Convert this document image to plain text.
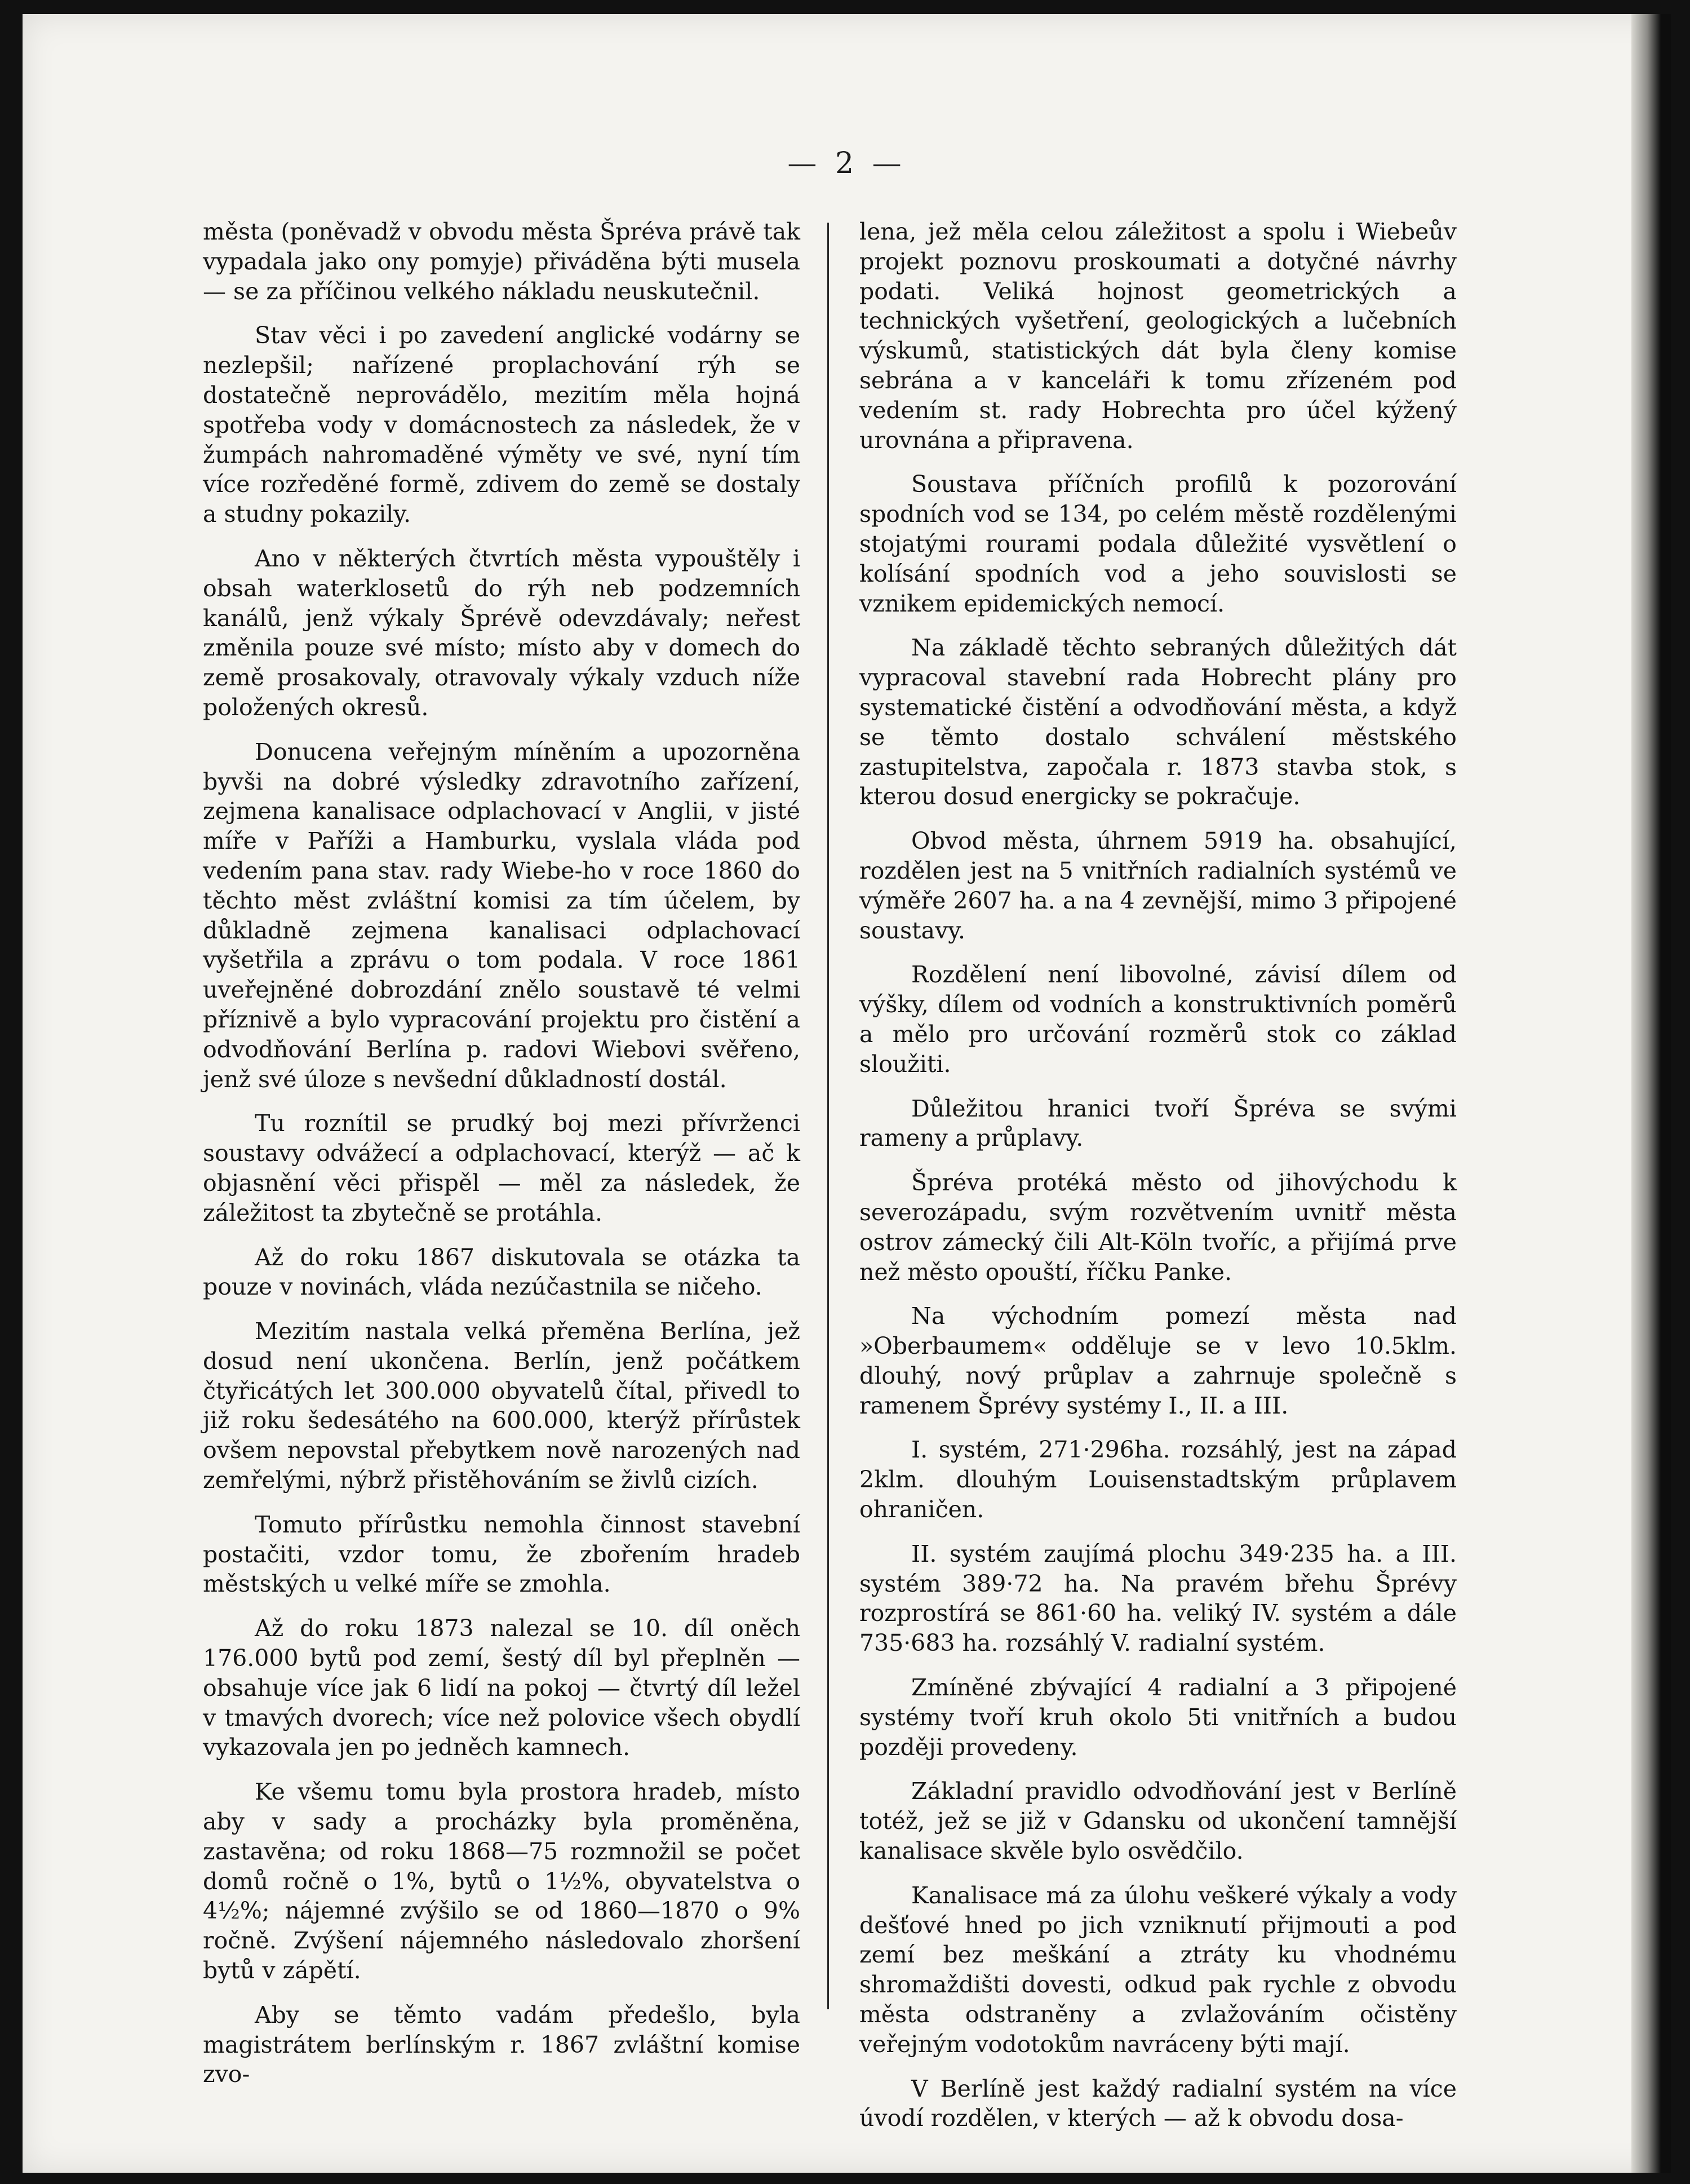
— 2 —

města (poněvadž v obvodu města Špréva právě tak vypadala jako ony pomyje) přiváděna býti musela — se za příčinou velkého nákladu neuskutečnil.

Stav věci i po zavedení anglické vodárny se nezlepšil; nařízené proplachování rýh se dostatečně neprovádělo, mezitím měla hojná spotřeba vody v domácnostech za následek, že v žumpách nahromaděné výměty ve své, nyní tím více rozředěné formě, zdivem do země se dostaly a studny pokazily.

Ano v některých čtvrtích města vypouštěly i obsah waterklosetů do rýh neb podzemních kanálů, jenž výkaly Šprévě odevzdávaly; neřest změnila pouze své místo; místo aby v domech do země prosakovaly, otravovaly výkaly vzduch níže položených okresů.

Donucena veřejným míněním a upozorněna byvši na dobré výsledky zdravotního zařízení, zejmena kanalisace odplachovací v Anglii, v jisté míře v Paříži a Hamburku, vyslala vláda pod vedením pana stav. rady Wiebe-ho v roce 1860 do těchto měst zvláštní komisi za tím účelem, by důkladně zejmena kanalisaci odplachovací vyšetřila a zprávu o tom podala. V roce 1861 uveřejněné dobrozdání znělo soustavě té velmi příznivě a bylo vypracování projektu pro čistění a odvodňování Berlína p. radovi Wiebovi svěřeno, jenž své úloze s nevšední důkladností dostál.

Tu roznítil se prudký boj mezi přívrženci soustavy odvážecí a odplachovací, kterýž — ač k objasnění věci přispěl — měl za následek, že záležitost ta zbytečně se protáhla.

Až do roku 1867 diskutovala se otázka ta pouze v novinách, vláda nezúčastnila se ničeho.

Mezitím nastala velká přeměna Berlína, jež dosud není ukončena. Berlín, jenž počátkem čtyřicátých let 300.000 obyvatelů čítal, přivedl to již roku šedesátého na 600.000, kterýž přírůstek ovšem nepovstal přebytkem nově narozených nad zemřelými, nýbrž přistěhováním se živlů cizích.

Tomuto přírůstku nemohla činnost stavební postačiti, vzdor tomu, že zbořením hradeb městských u velké míře se zmohla.

Až do roku 1873 nalezal se 10. díl oněch 176.000 bytů pod zemí, šestý díl byl přeplněn — obsahuje více jak 6 lidí na pokoj — čtvrtý díl ležel v tmavých dvorech; více než polovice všech obydlí vykazovala jen po jedněch kamnech.

Ke všemu tomu byla prostora hradeb, místo aby v sady a procházky byla proměněna, zastavěna; od roku 1868—75 rozmnožil se počet domů ročně o 1%, bytů o 1½%, obyvatelstva o 4½%; nájemné zvýšilo se od 1860—1870 o 9% ročně. Zvýšení nájemného následovalo zhoršení bytů v zápětí.

Aby se těmto vadám předešlo, byla magistrátem berlínským r. 1867 zvláštní komise zvo-

lena, jež měla celou záležitost a spolu i Wiebeův projekt poznovu proskoumati a dotyčné návrhy podati. Veliká hojnost geometrických a technických vyšetření, geologických a lučebních výskumů, statistických dát byla členy komise sebrána a v kanceláři k tomu zřízeném pod vedením st. rady Hobrechta pro účel kýžený urovnána a připravena.

Soustava příčních profilů k pozorování spodních vod se 134, po celém městě rozdělenými stojatými rourami podala důležité vysvětlení o kolísání spodních vod a jeho souvislosti se vznikem epidemických nemocí.

Na základě těchto sebraných důležitých dát vypracoval stavební rada Hobrecht plány pro systematické čistění a odvodňování města, a když se těmto dostalo schválení městského zastupitelstva, započala r. 1873 stavba stok, s kterou dosud energicky se pokračuje.

Obvod města, úhrnem 5919 ha. obsahující, rozdělen jest na 5 vnitřních radialních systémů ve výměře 2607 ha. a na 4 zevnější, mimo 3 připojené soustavy.

Rozdělení není libovolné, závisí dílem od výšky, dílem od vodních a konstruktivních poměrů a mělo pro určování rozměrů stok co základ sloužiti.

Důležitou hranici tvoří Špréva se svými rameny a průplavy.

Špréva protéká město od jihovýchodu k severozápadu, svým rozvětvením uvnitř města ostrov zámecký čili Alt-Köln tvoříc, a přijímá prve než město opouští, říčku Panke.

Na východním pomezí města nad »Oberbaumem« odděluje se v levo 10.5klm. dlouhý, nový průplav a zahrnuje společně s ramenem Šprévy systémy I., II. a III.

I. systém, 271·296ha. rozsáhlý, jest na západ 2klm. dlouhým Louisenstadtským průplavem ohraničen.

II. systém zaujímá plochu 349·235 ha. a III. systém 389·72 ha. Na pravém břehu Šprévy rozprostírá se 861·60 ha. veliký IV. systém a dále 735·683 ha. rozsáhlý V. radialní systém.

Zmíněné zbývající 4 radialní a 3 připojené systémy tvoří kruh okolo 5ti vnitřních a budou později provedeny.

Základní pravidlo odvodňování jest v Berlíně totéž, jež se již v Gdansku od ukončení tamnější kanalisace skvěle bylo osvědčilo.

Kanalisace má za úlohu veškeré výkaly a vody dešťové hned po jich vzniknutí přijmouti a pod zemí bez meškání a ztráty ku vhodnému shromaždišti dovesti, odkud pak rychle z obvodu města odstraněny a zvlažováním očistěny veřejným vodotokům navráceny býti mají.

V Berlíně jest každý radialní systém na více úvodí rozdělen, v kterých — až k obvodu dosa-
